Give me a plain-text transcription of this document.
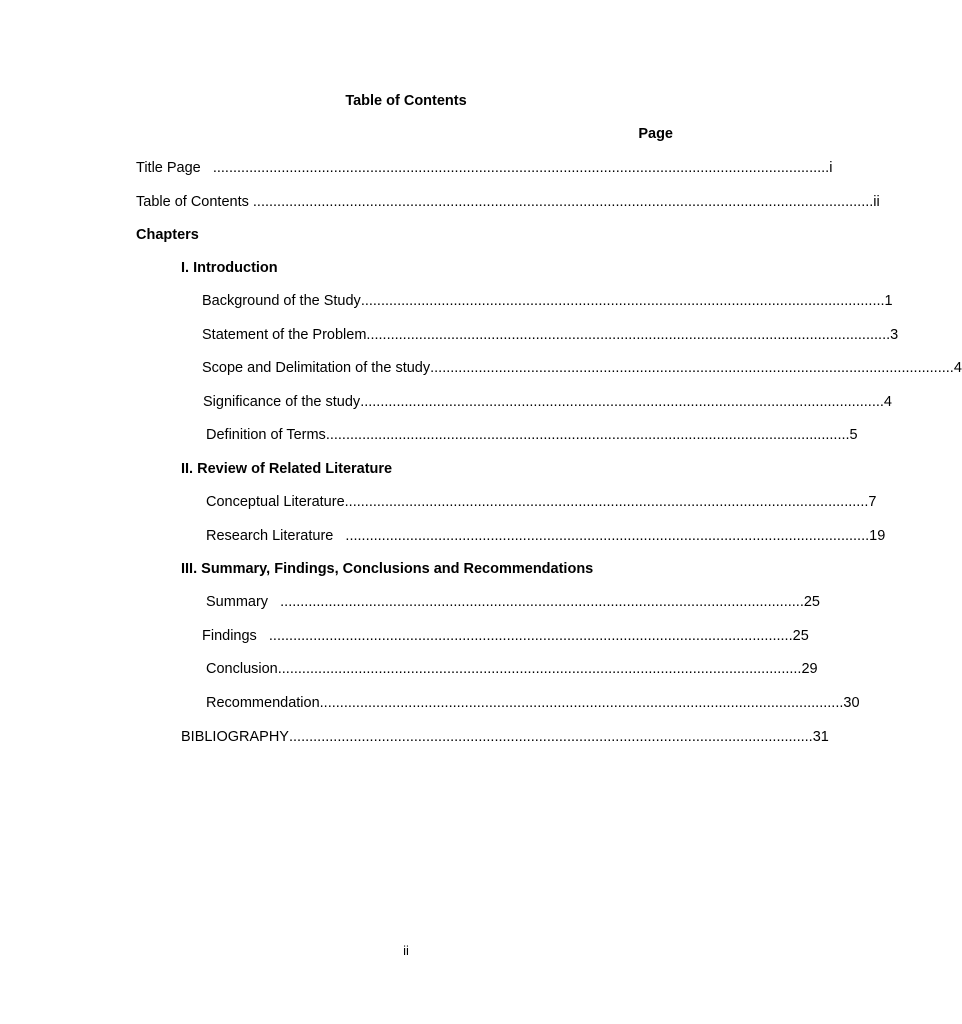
Table of Contents
Page
Title Page ......................................................................................................................................................... i
Table of Contents .......................................................................................................................................................... ii
Chapters
I. Introduction
Background of the Study .................................................................................................................................. 1
Statement of the Problem .................................................................................................................................. 3
Scope and Delimitation of the study .................................................................................................................................. 4
Significance of the study .................................................................................................................................. 4
Definition of Terms .................................................................................................................................. 5
II. Review of Related Literature
Conceptual Literature .................................................................................................................................. 7
Research Literature .................................................................................................................................. 19
III. Summary, Findings, Conclusions and Recommendations
Summary .................................................................................................................................. 25
Findings .................................................................................................................................. 25
Conclusion .................................................................................................................................. 29
Recommendation .................................................................................................................................. 30
BIBLIOGRAPHY .................................................................................................................................. 31
ii
